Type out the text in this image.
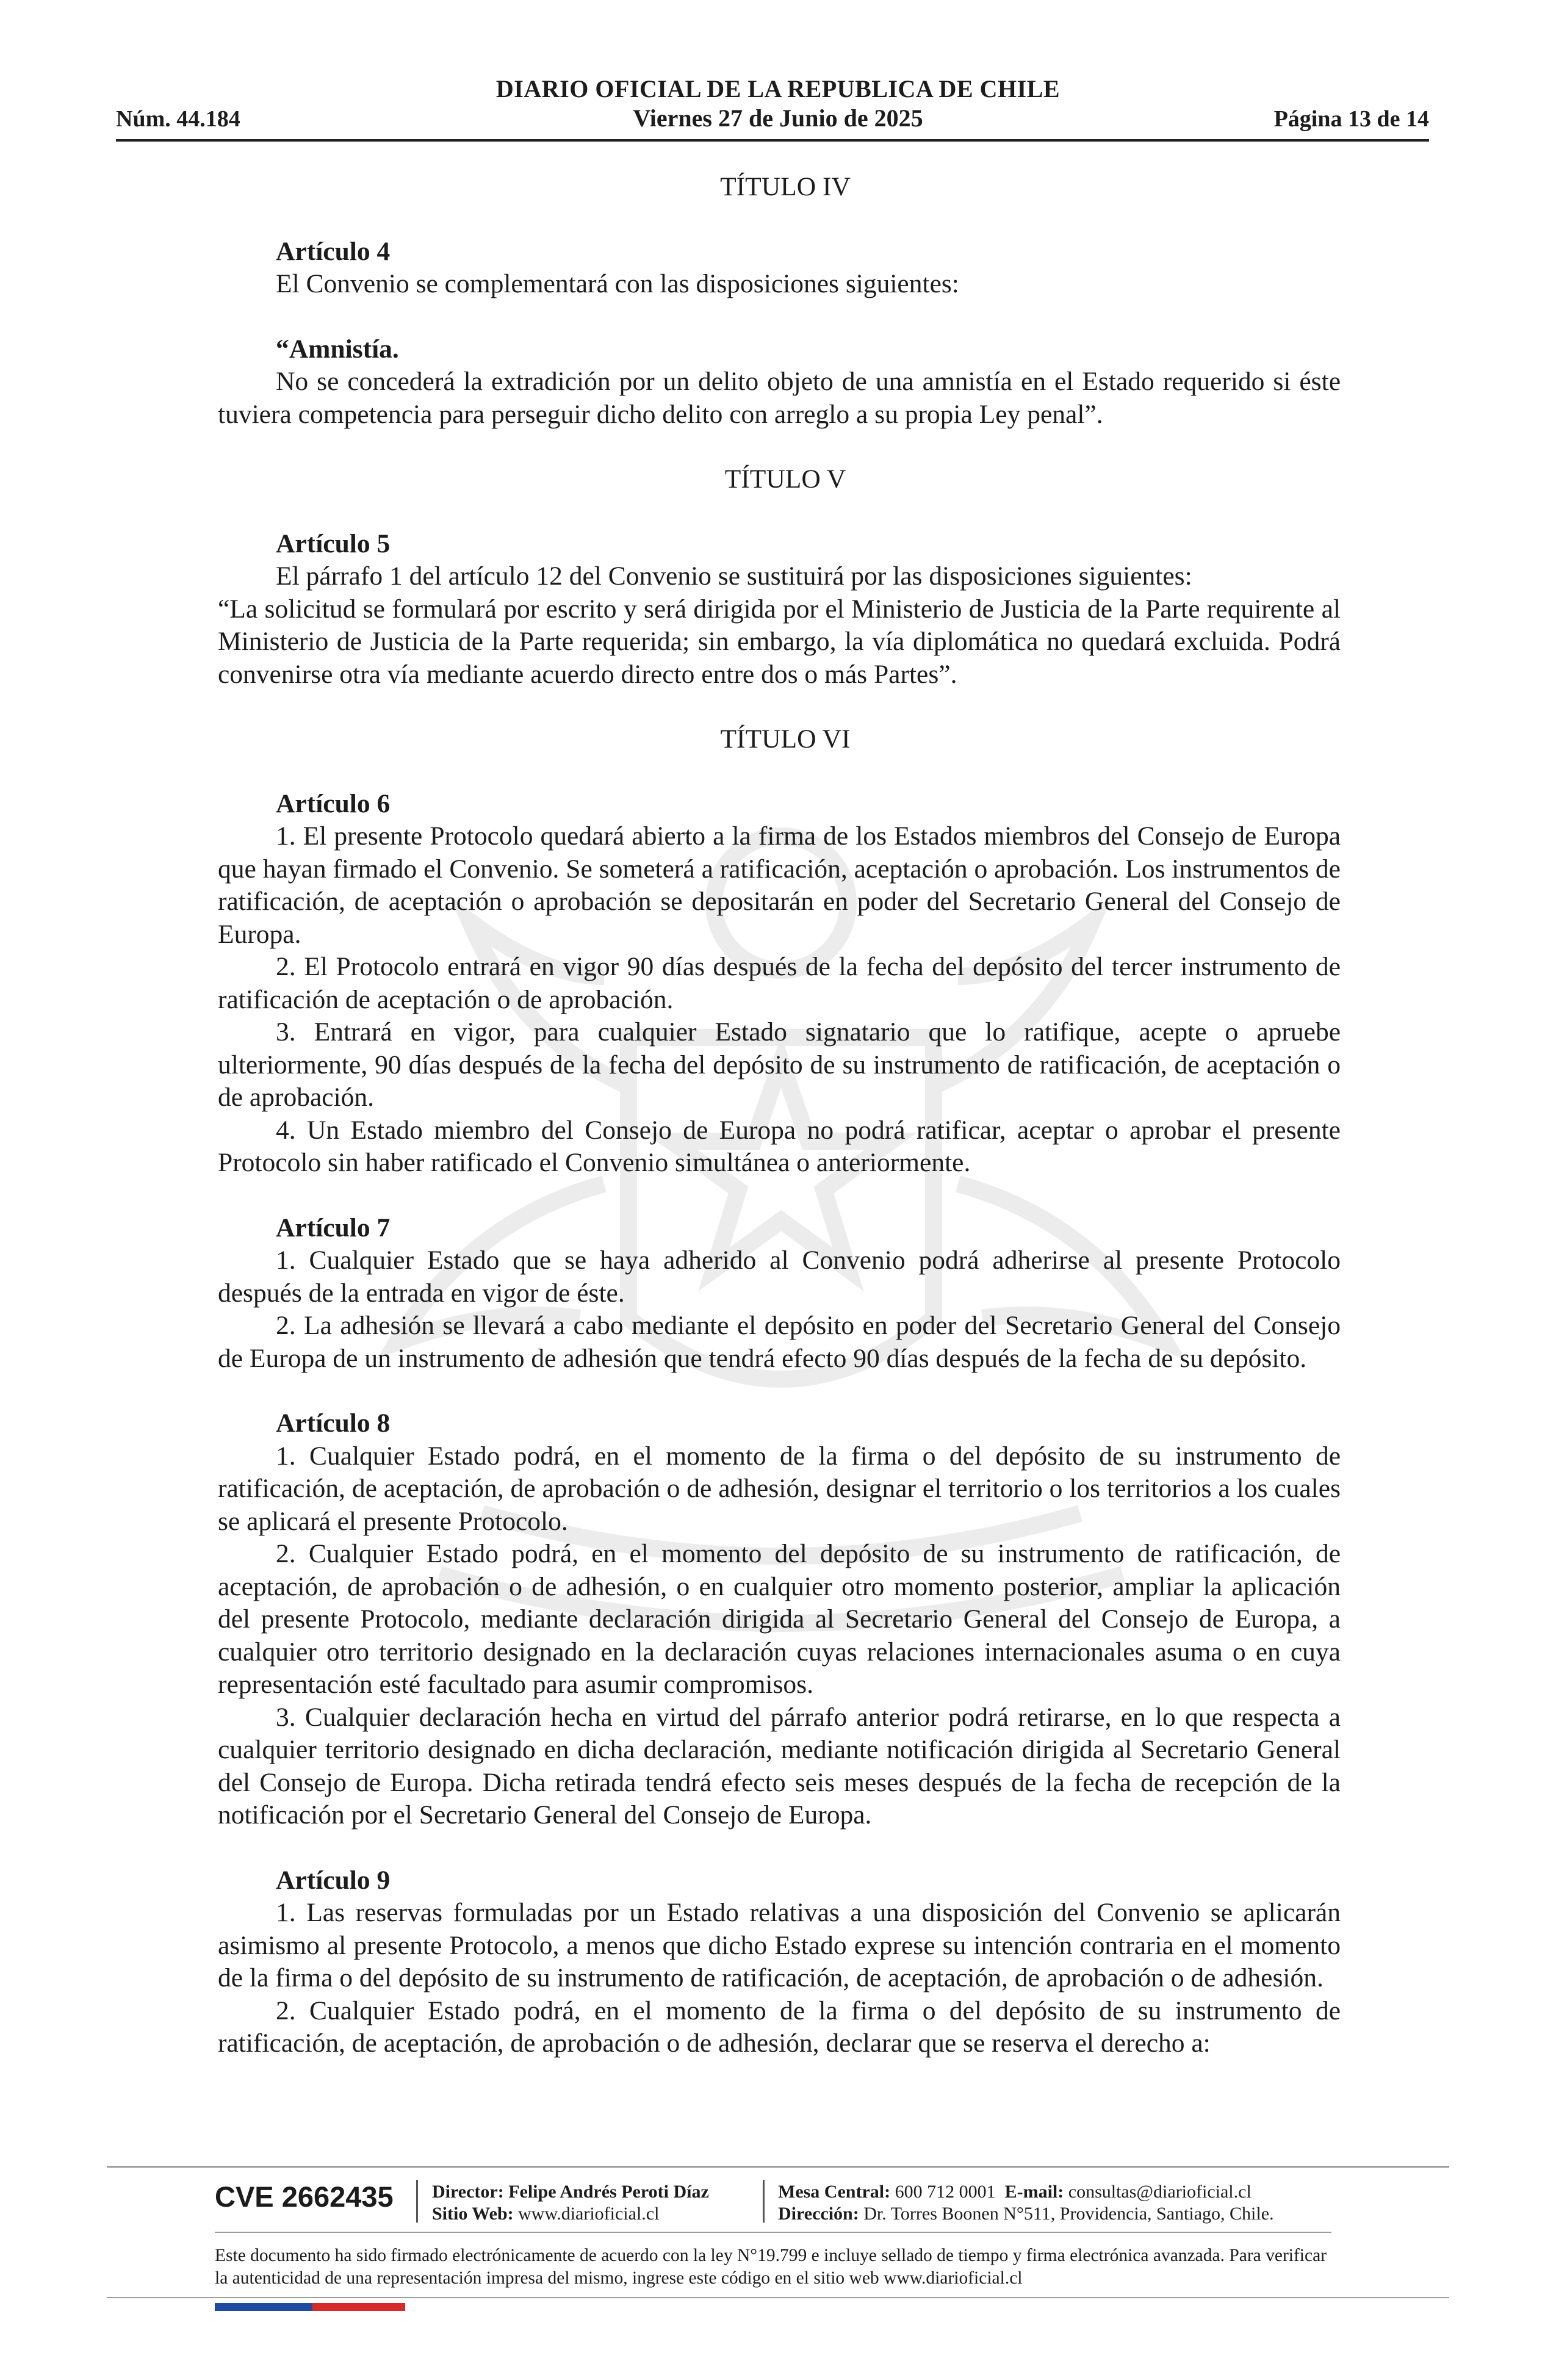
DIARIO OFICIAL DE LA REPUBLICA DE CHILE
Núm. 44.184	Viernes 27 de Junio de 2025	Página 13 de 14
TÍTULO IV
Artículo 4

El Convenio se complementará con las disposiciones siguientes:

“Amnistía.

No se concederá la extradición por un delito objeto de una amnistía en el Estado requerido si éste tuviera competencia para perseguir dicho delito con arreglo a su propia Ley penal”.

TÍTULO V
Artículo 5

El párrafo 1 del artículo 12 del Convenio se sustituirá por las disposiciones siguientes:

“La solicitud se formulará por escrito y será dirigida por el Ministerio de Justicia de la Parte requirente al Ministerio de Justicia de la Parte requerida; sin embargo, la vía diplomática no quedará excluida. Podrá convenirse otra vía mediante acuerdo directo entre dos o más Partes”.

TÍTULO VI
Artículo 6

1. El presente Protocolo quedará abierto a la firma de los Estados miembros del Consejo de Europa que hayan firmado el Convenio. Se someterá a ratificación, aceptación o aprobación. Los instrumentos de ratificación, de aceptación o aprobación se depositarán en poder del Secretario General del Consejo de Europa.

2. El Protocolo entrará en vigor 90 días después de la fecha del depósito del tercer instrumento de ratificación de aceptación o de aprobación.

3. Entrará en vigor, para cualquier Estado signatario que lo ratifique, acepte o apruebe ulteriormente, 90 días después de la fecha del depósito de su instrumento de ratificación, de aceptación o de aprobación.

4. Un Estado miembro del Consejo de Europa no podrá ratificar, aceptar o aprobar el presente Protocolo sin haber ratificado el Convenio simultánea o anteriormente.

Artículo 7

1. Cualquier Estado que se haya adherido al Convenio podrá adherirse al presente Protocolo después de la entrada en vigor de éste.

2. La adhesión se llevará a cabo mediante el depósito en poder del Secretario General del Consejo de Europa de un instrumento de adhesión que tendrá efecto 90 días después de la fecha de su depósito.

Artículo 8

1. Cualquier Estado podrá, en el momento de la firma o del depósito de su instrumento de ratificación, de aceptación, de aprobación o de adhesión, designar el territorio o los territorios a los cuales se aplicará el presente Protocolo.

2. Cualquier Estado podrá, en el momento del depósito de su instrumento de ratificación, de aceptación, de aprobación o de adhesión, o en cualquier otro momento posterior, ampliar la aplicación del presente Protocolo, mediante declaración dirigida al Secretario General del Consejo de Europa, a cualquier otro territorio designado en la declaración cuyas relaciones internacionales asuma o en cuya representación esté facultado para asumir compromisos.

3. Cualquier declaración hecha en virtud del párrafo anterior podrá retirarse, en lo que respecta a cualquier territorio designado en dicha declaración, mediante notificación dirigida al Secretario General del Consejo de Europa. Dicha retirada tendrá efecto seis meses después de la fecha de recepción de la notificación por el Secretario General del Consejo de Europa.

Artículo 9

1. Las reservas formuladas por un Estado relativas a una disposición del Convenio se aplicarán asimismo al presente Protocolo, a menos que dicho Estado exprese su intención contraria en el momento de la firma o del depósito de su instrumento de ratificación, de aceptación, de aprobación o de adhesión.

2. Cualquier Estado podrá, en el momento de la firma o del depósito de su instrumento de ratificación, de aceptación, de aprobación o de adhesión, declarar que se reserva el derecho a:

CVE 2662435 Director: Felipe Andrés Peroti Díaz
Sitio Web: www.diarioficial.cl
Mesa Central: 600 712 0001 E-mail: consultas@diarioficial.cl
Dirección: Dr. Torres Boonen N°511, Providencia, Santiago, Chile.
Este documento ha sido firmado electrónicamente de acuerdo con la ley N°19.799 e incluye sellado de tiempo y firma electrónica avanzada. Para verificar la autenticidad de una representación impresa del mismo, ingrese este código en el sitio web www.diarioficial.cl
